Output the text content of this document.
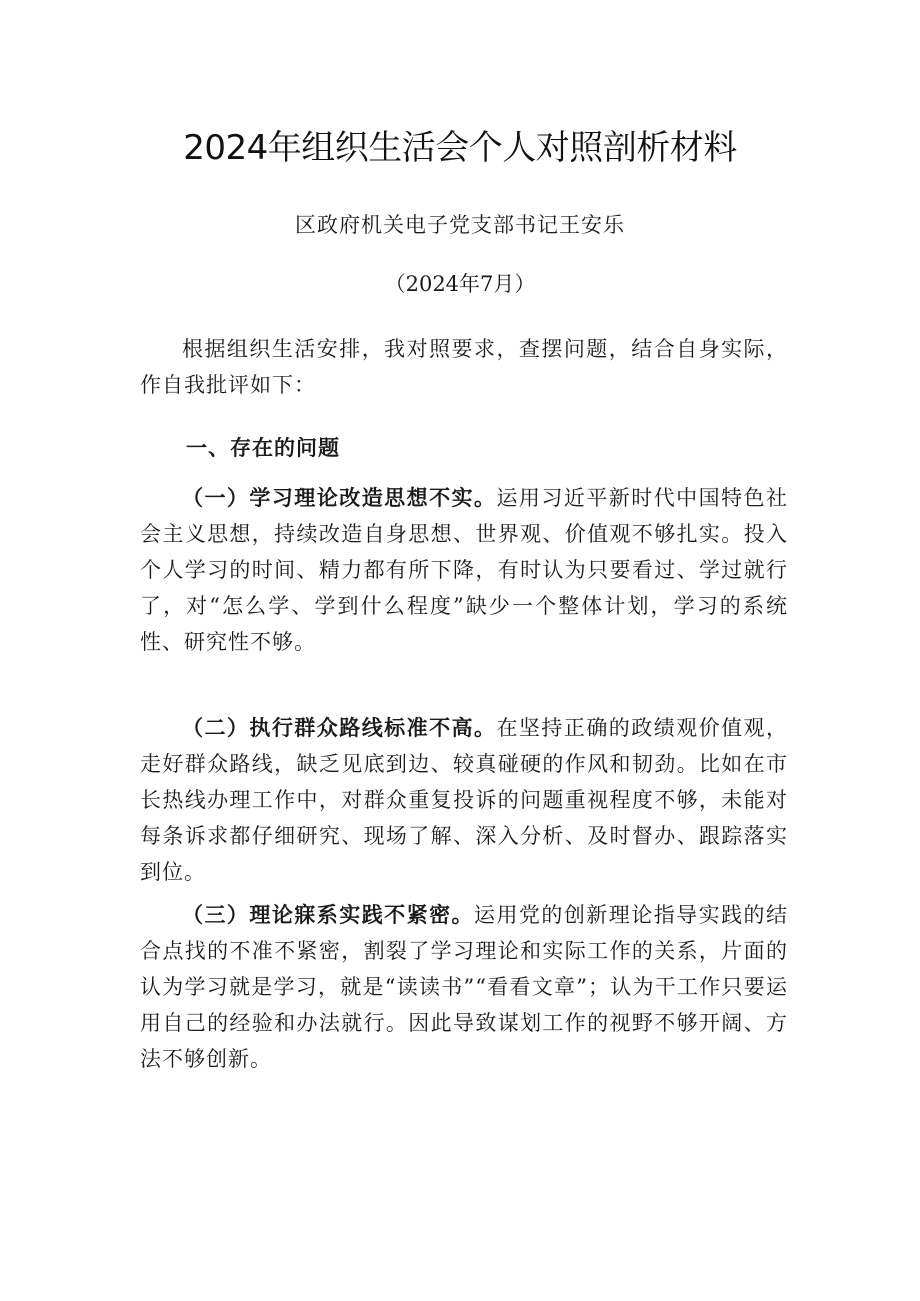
2024年组织生活会个人对照剖析材料
区政府机关电子党支部书记王安乐
（2024年7月）
根据组织生活安排，我对照要求，查摆问题，结合自身实际，作自我批评如下：
一、存在的问题
（一）学习理论改造思想不实。运用习近平新时代中国特色社会主义思想，持续改造自身思想、世界观、价值观不够扎实。投入个人学习的时间、精力都有所下降，有时认为只要看过、学过就行了，对“怎么学、学到什么程度”缺少一个整体计划，学习的系统性、研究性不够。
（二）执行群众路线标准不高。在坚持正确的政绩观价值观，走好群众路线，缺乏见底到边、较真碰硬的作风和韧劲。比如在市长热线办理工作中，对群众重复投诉的问题重视程度不够，未能对每条诉求都仔细研究、现场了解、深入分析、及时督办、跟踪落实到位。
（三）理论寐系实践不紧密。运用党的创新理论指导实践的结合点找的不准不紧密，割裂了学习理论和实际工作的关系，片面的认为学习就是学习，就是“读读书”“看看文章”；认为干工作只要运用自己的经验和办法就行。因此导致谋划工作的视野不够开阔、方法不够创新。
